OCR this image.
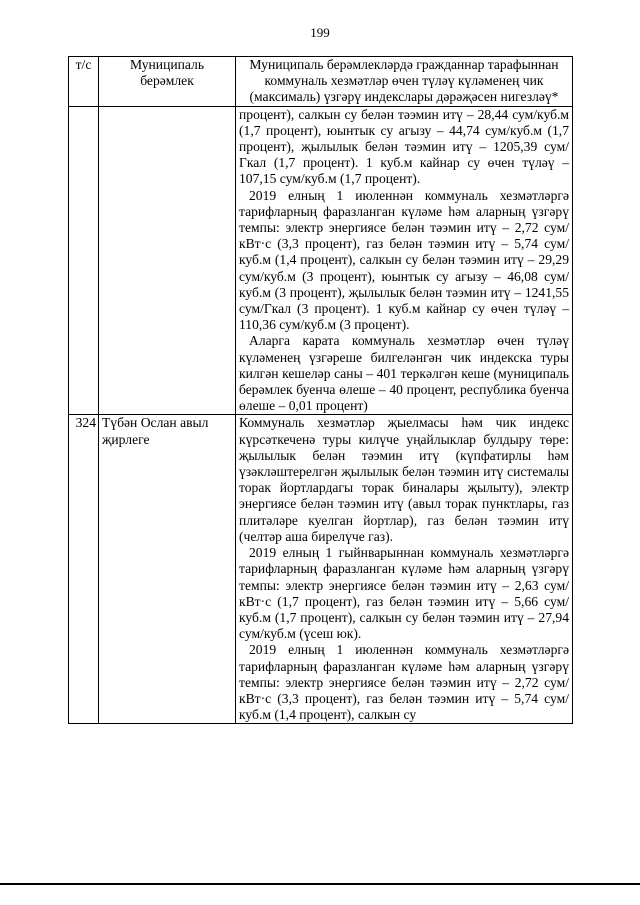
199
т/с	Муниципаль берәмлек	Муниципаль берәмлекләрдә гражданнар тарафыннан коммуналь хезмәтләр өчен түләү күләменең чик (максималь) үзгәрү индекслары дәрәҗәсен нигезләү*

		процент), салкын су белән тәэмин итү – 28,44 сум/куб.м (1,7 процент), юынтык су агызу – 44,74 сум/куб.м (1,7 процент), җылылык белән тәэмин итү – 1205,39 сум/Гкал (1,7 процент). 1 куб.м кайнар су өчен түләү – 107,15 сум/куб.м (1,7 процент).

2019 елның 1 июленнән коммуналь хезмәтләргә тарифларның фаразланган күләме һәм аларның үзгәрү темпы: электр энергиясе белән тәэмин итү – 2,72 сум/кВт·с (3,3 процент), газ белән тәэмин итү – 5,74 сум/куб.м (1,4 процент), салкын су белән тәэмин итү – 29,29 сум/куб.м (3 процент), юынтык су агызу – 46,08 сум/куб.м (3 процент), җылылык белән тәэмин итү – 1241,55 сум/Гкал (3 процент). 1 куб.м кайнар су өчен түләү – 110,36 сум/куб.м (3 процент).

Аларга карата коммуналь хезмәтләр өчен түләү күләменең үзгәреше билгеләнгән чик индекска туры килгән кешеләр саны – 401 теркәлгән кеше (муниципаль берәмлек буенча өлеше – 40 процент, республика буенча өлеше – 0,01 процент)

324	Түбән Ослан авыл җирлеге	Коммуналь хезмәтләр җыелмасы һәм чик индекс күрсәткеченә туры килүче уңайлыклар булдыру төре: җылылык белән тәэмин итү (күпфатирлы һәм үзәкләштерелгән җылылык белән тәэмин итү системалы торак йортлардагы торак биналары җылыту), электр энергиясе белән тәэмин итү (авыл торак пунктлары, газ плитәләре куелган йортлар), газ белән тәэмин итү (челтәр аша бирелүче газ).

2019 елның 1 гыйнварыннан коммуналь хезмәтләргә тарифларның фаразланган күләме һәм аларның үзгәрү темпы: электр энергиясе белән тәэмин итү – 2,63 сум/кВт·с (1,7 процент), газ белән тәэмин итү – 5,66 сум/куб.м (1,7 процент), салкын су белән тәэмин итү – 27,94 сум/куб.м (үсеш юк).

2019 елның 1 июленнән коммуналь хезмәтләргә тарифларның фаразланган күләме һәм аларның үзгәрү темпы: электр энергиясе белән тәэмин итү – 2,72 сум/кВт·с (3,3 процент), газ белән тәэмин итү – 5,74 сум/куб.м (1,4 процент), салкын су
